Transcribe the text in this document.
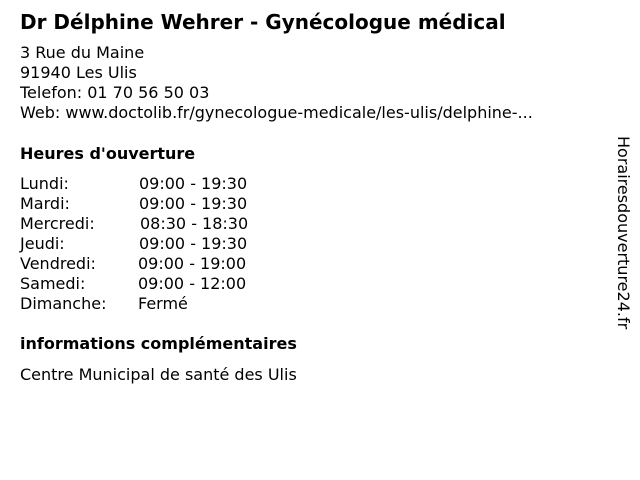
Dr Délphine Wehrer - Gynécologue médical
3 Rue du Maine
91940 Les Ulis
Telefon: 01 70 56 50 03
Web: www.doctolib.fr/gynecologue-medicale/les-ulis/delphine-...
Heures d'ouverture
Lundi:	09:00 - 19:30
Mardi:	09:00 - 19:30
Mercredi:	08:30 - 18:30
Jeudi:	09:00 - 19:30
Vendredi:	09:00 - 19:00
Samedi:	09:00 - 12:00
Dimanche: Fermé
informations complémentaires
Centre Municipal de santé des Ulis
Horairesdouverture24.fr
